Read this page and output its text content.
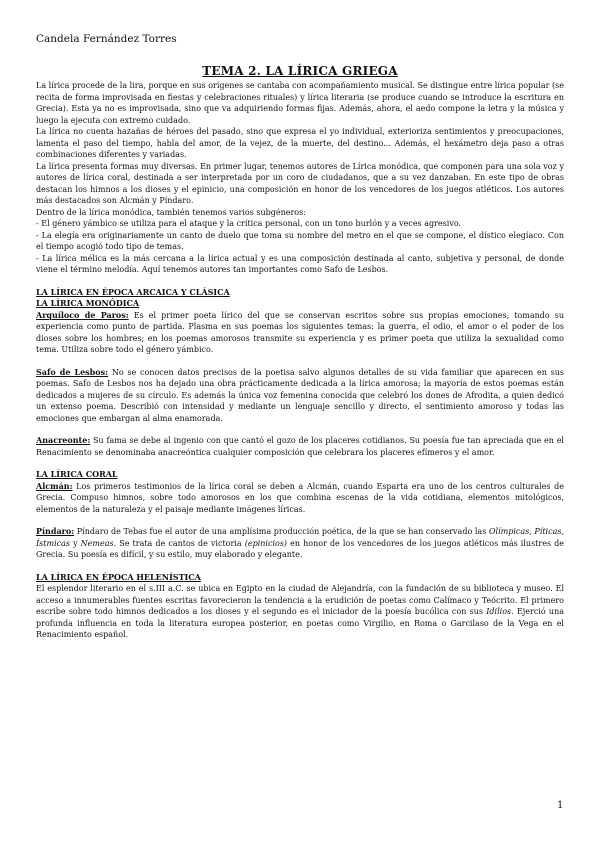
Candela Fernández Torres
TEMA 2. LA LÍRICA GRIEGA

La lírica procede de la lira, porque en sus orígenes se cantaba con acompañamiento musical. Se distingue entre lírica popular (se recita de forma improvisada en fiestas y celebraciones rituales) y lírica literaria (se produce cuando se introduce la escritura en Grecia). Esta ya no es improvisada, sino que va adquiriendo formas fijas. Además, ahora, el aedo compone la letra y la música y luego la ejecuta con extremo cuidado.

La lírica no cuenta hazañas de héroes del pasado, sino que expresa el yo individual, exterioriza sentimientos y preocupaciones, lamenta el paso del tiempo, habla del amor, de la vejez, de la muerte, del destino... Además, el hexámetro deja paso a otras combinaciones diferentes y variadas.

La lírica presenta formas muy diversas. En primer lugar, tenemos autores de Lírica monódica, que componen para una sola voz y autores de lírica coral, destinada a ser interpretada por un coro de ciudadanos, que a su vez danzaban. En este tipo de obras destacan los himnos a los dioses y el epinicio, una composición en honor de los vencedores de los juegos atléticos. Los autores más destacados son Alcmán y Píndaro.

Dentro de la lírica monódica, también tenemos varios subgéneros:

- El género yámbico se utiliza para el ataque y la crítica personal, con un tono burlón y a veces agresivo.

- La elegía era originariamente un canto de duelo que toma su nombre del metro en el que se compone, el dístico elegíaco. Con el tiempo acogió todo tipo de temas.

- La lírica mélica es la más cercana a la lírica actual y es una composición destinada al canto, subjetiva y personal, de donde viene el término melodía. Aquí tenemos autores tan importantes como Safo de Lesbos.

LA LÍRICA EN ÉPOCA ARCAICA Y CLÁSICA
LA LÍRICA MONÓDICA

Arquíloco de Paros: Es el primer poeta lírico del que se conservan escritos sobre sus propias emociones, tomando su experiencia como punto de partida. Plasma en sus poemas los siguientes temas: la guerra, el odio, el amor o el poder de los dioses sobre los hombres; en los poemas amorosos transmite su experiencia y es primer poeta que utiliza la sexualidad como tema. Utiliza sobre todo el género yámbico.

Safo de Lesbos: No se conocen datos precisos de la poetisa salvo algunos detalles de su vida familiar que aparecen en sus poemas. Safo de Lesbos nos ha dejado una obra prácticamente dedicada a la lírica amorosa; la mayoría de estos poemas están dedicados a mujeres de su círculo. Es además la única voz femenina conocida que celebró los dones de Afrodita, a quien dedicó un extenso poema. Describió con intensidad y mediante un lenguaje sencillo y directo, el sentimiento amoroso y todas las emociones que embargan al alma enamorada.

Anacreonte: Su fama se debe al ingenio con que cantó el gozo de los placeres cotidianos. Su poesía fue tan apreciada que en el Renacimiento se denominaba anacreóntica cualquier composición que celebrara los placeres efímeros y el amor.

LA LÍRICA CORAL

Alcmán: Los primeros testimonios de la lírica coral se deben a Alcmán, cuando Esparta era uno de los centros culturales de Grecia. Compuso himnos, sobre todo amorosos en los que combina escenas de la vida cotidiana, elementos mitológicos, elementos de la naturaleza y el paisaje mediante imágenes líricas.

Píndaro: Píndaro de Tebas fue el autor de una amplísima producción poética, de la que se han conservado las Olímpicas, Píticas, Ístmicas y Nemeas. Se trata de cantos de victoria (epinicios) en honor de los vencedores de los juegos atléticos más ilustres de Grecia. Su poesía es difícil, y su estilo, muy elaborado y elegante.

LA LÍRICA EN ÉPOCA HELENÍSTICA

El esplendor literario en el s.III a.C. se ubica en Egipto en la ciudad de Alejandría, con la fundación de su biblioteca y museo. El acceso a innumerables fuentes escritas favorecieron la tendencia a la erudición de poetas como Calímaco y Teócrito. El primero escribe sobre todo himnos dedicados a los dioses y el segundo es el iniciador de la poesía bucólica con sus Idilios. Ejerció una profunda influencia en toda la literatura europea posterior, en poetas como Virgilio, en Roma o Garcilaso de la Vega en el Renacimiento español.

1
